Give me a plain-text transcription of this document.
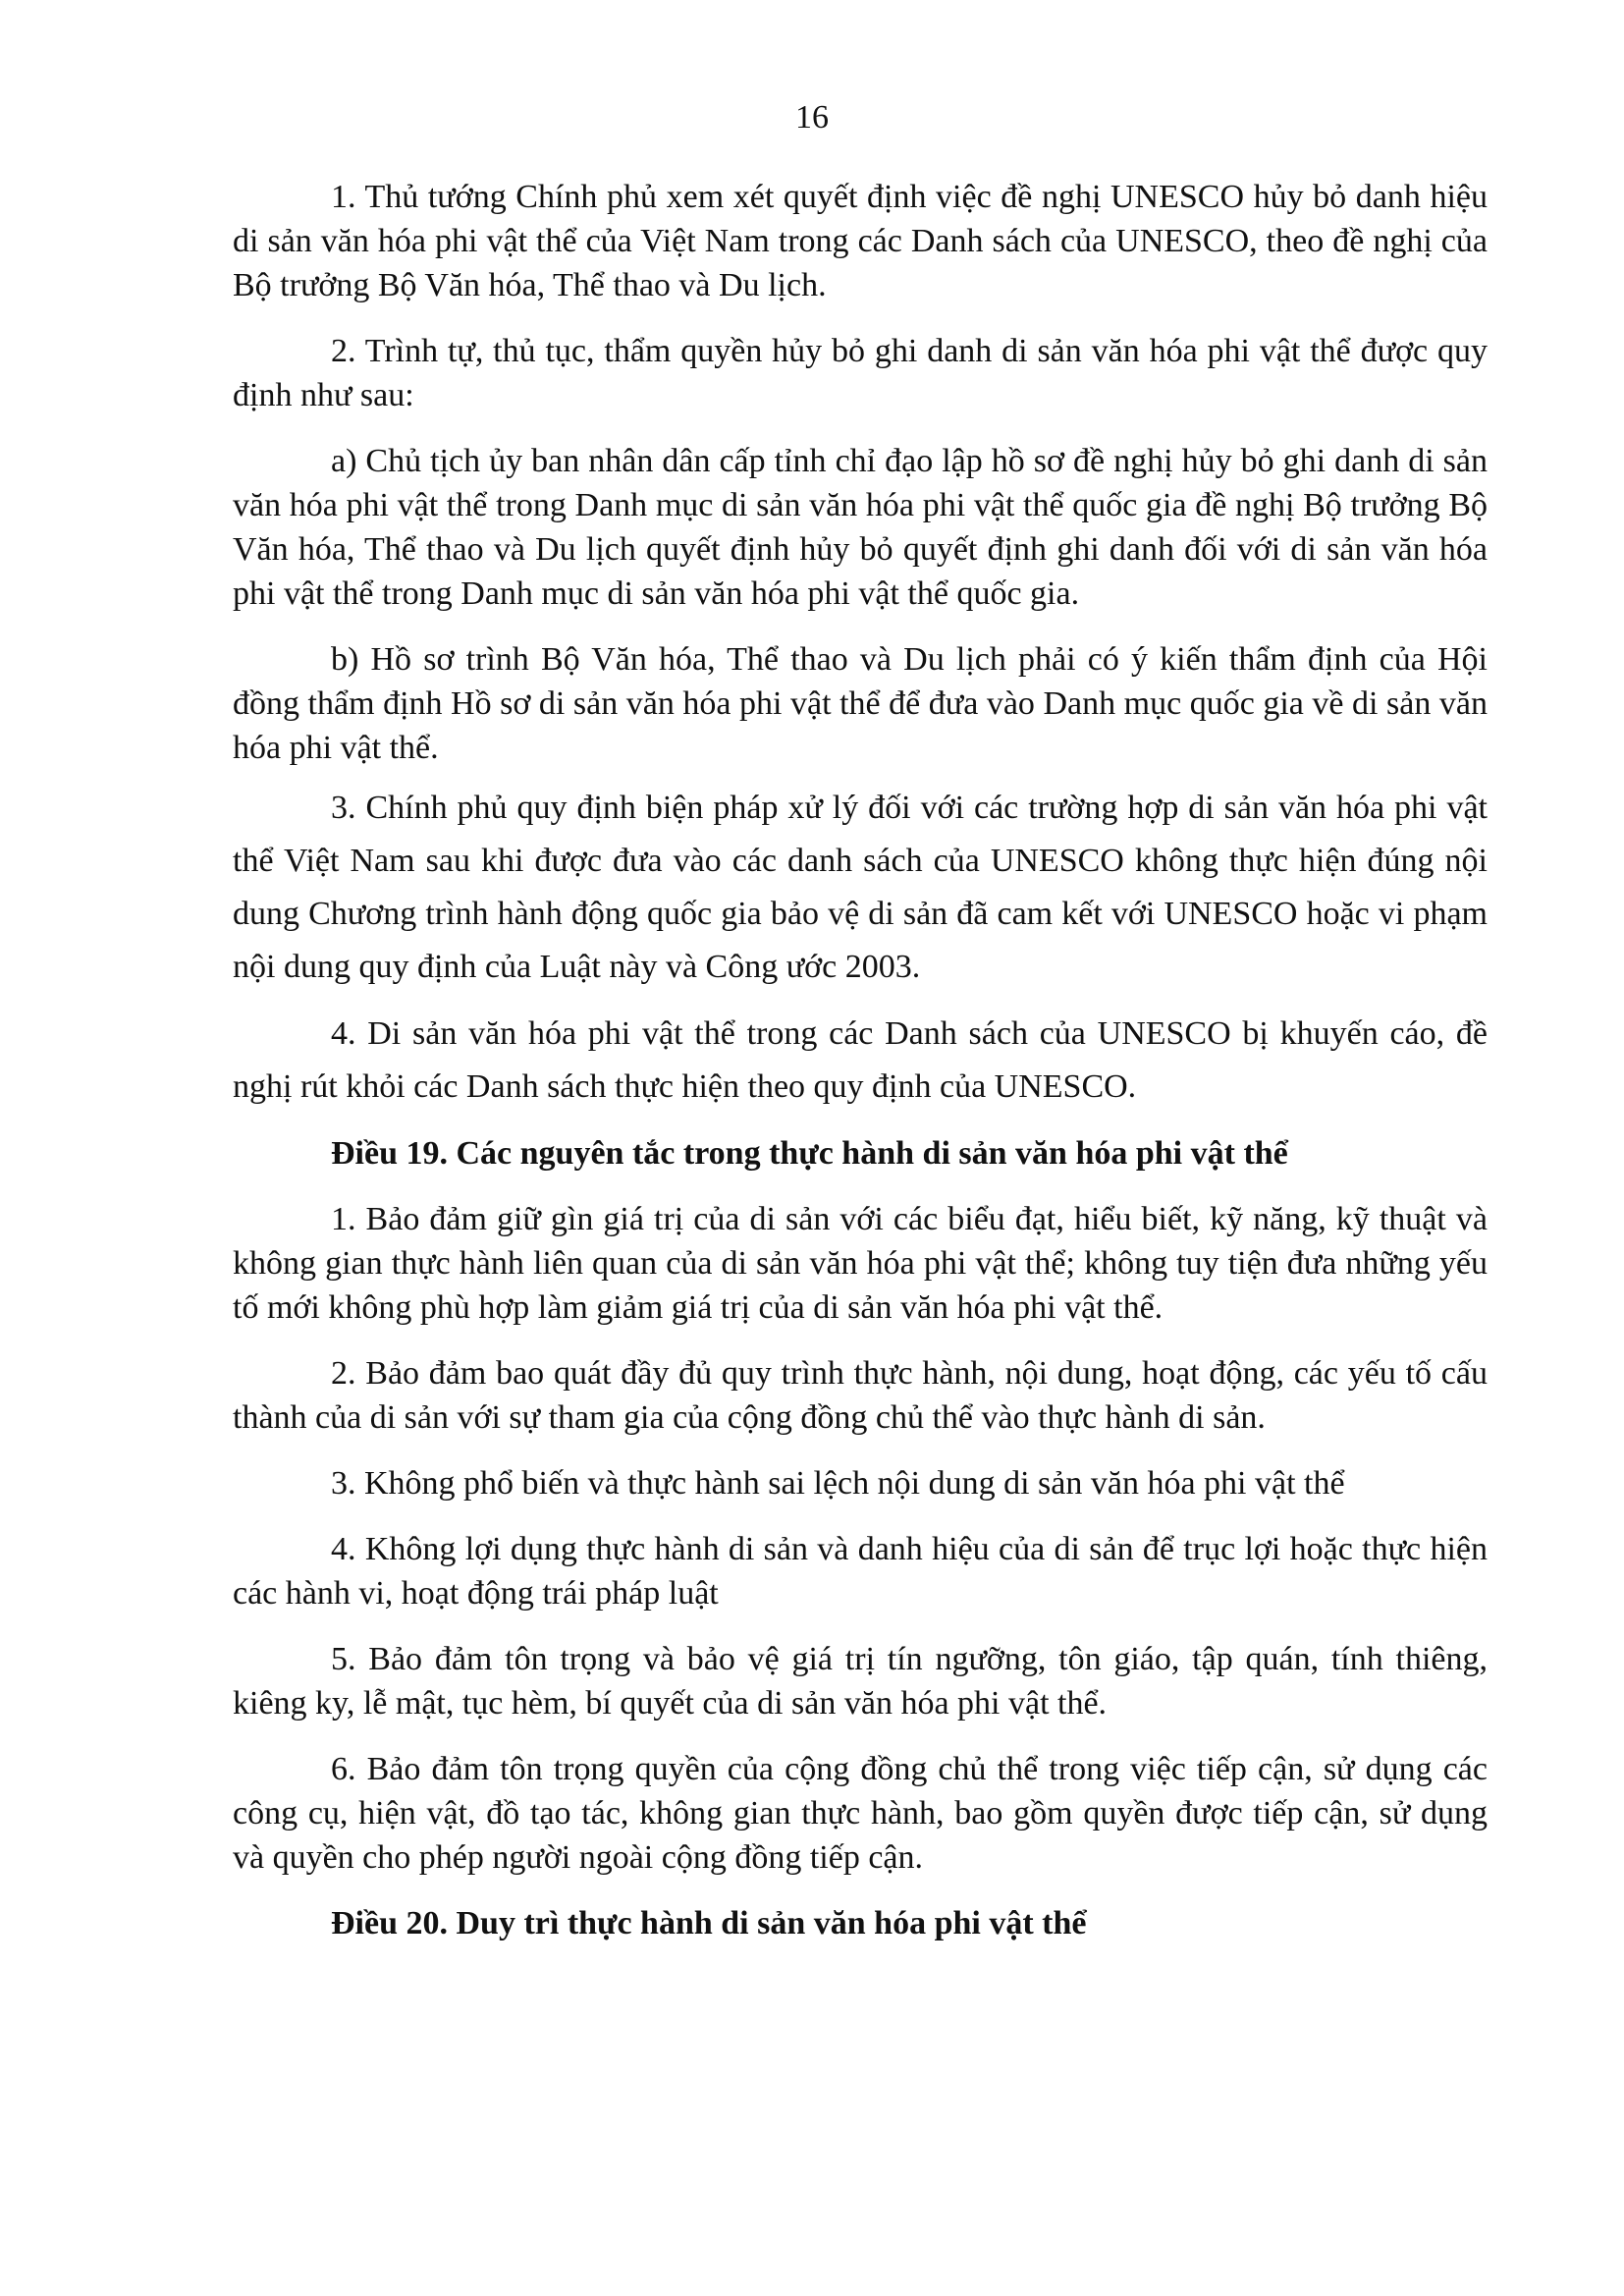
16

1. Thủ tướng Chính phủ xem xét quyết định việc đề nghị UNESCO hủy bỏ danh hiệu di sản văn hóa phi vật thể của Việt Nam trong các Danh sách của UNESCO, theo đề nghị của Bộ trưởng Bộ Văn hóa, Thể thao và Du lịch.

2. Trình tự, thủ tục, thẩm quyền hủy bỏ ghi danh di sản văn hóa phi vật thể được quy định như sau:

a) Chủ tịch ủy ban nhân dân cấp tỉnh chỉ đạo lập hồ sơ đề nghị hủy bỏ ghi danh di sản văn hóa phi vật thể trong Danh mục di sản văn hóa phi vật thể quốc gia đề nghị Bộ trưởng Bộ Văn hóa, Thể thao và Du lịch quyết định hủy bỏ quyết định ghi danh đối với di sản văn hóa phi vật thể trong Danh mục di sản văn hóa phi vật thể quốc gia.

b) Hồ sơ trình Bộ Văn hóa, Thể thao và Du lịch phải có ý kiến thẩm định của Hội đồng thẩm định Hồ sơ di sản văn hóa phi vật thể để đưa vào Danh mục quốc gia về di sản văn hóa phi vật thể.

3. Chính phủ quy định biện pháp xử lý đối với các trường hợp di sản văn hóa phi vật thể Việt Nam sau khi được đưa vào các danh sách của UNESCO không thực hiện đúng nội dung Chương trình hành động quốc gia bảo vệ di sản đã cam kết với UNESCO hoặc vi phạm nội dung quy định của Luật này và Công ước 2003.

4. Di sản văn hóa phi vật thể trong các Danh sách của UNESCO bị khuyến cáo, đề nghị rút khỏi các Danh sách thực hiện theo quy định của UNESCO.

Điều 19. Các nguyên tắc trong thực hành di sản văn hóa phi vật thể

1. Bảo đảm giữ gìn giá trị của di sản với các biểu đạt, hiểu biết, kỹ năng, kỹ thuật và không gian thực hành liên quan của di sản văn hóa phi vật thể; không tuy tiện đưa những yếu tố mới không phù hợp làm giảm giá trị của di sản văn hóa phi vật thể.

2. Bảo đảm bao quát đầy đủ quy trình thực hành, nội dung, hoạt động, các yếu tố cấu thành của di sản với sự tham gia của cộng đồng chủ thể vào thực hành di sản.

3. Không phổ biến và thực hành sai lệch nội dung di sản văn hóa phi vật thể

4. Không lợi dụng thực hành di sản và danh hiệu của di sản để trục lợi hoặc thực hiện các hành vi, hoạt động trái pháp luật

5. Bảo đảm tôn trọng và bảo vệ giá trị tín ngưỡng, tôn giáo, tập quán, tính thiêng, kiêng ky, lễ mật, tục hèm, bí quyết của di sản văn hóa phi vật thể.

6. Bảo đảm tôn trọng quyền của cộng đồng chủ thể trong việc tiếp cận, sử dụng các công cụ, hiện vật, đồ tạo tác, không gian thực hành, bao gồm quyền được tiếp cận, sử dụng và quyền cho phép người ngoài cộng đồng tiếp cận.

Điều 20. Duy trì thực hành di sản văn hóa phi vật thể
